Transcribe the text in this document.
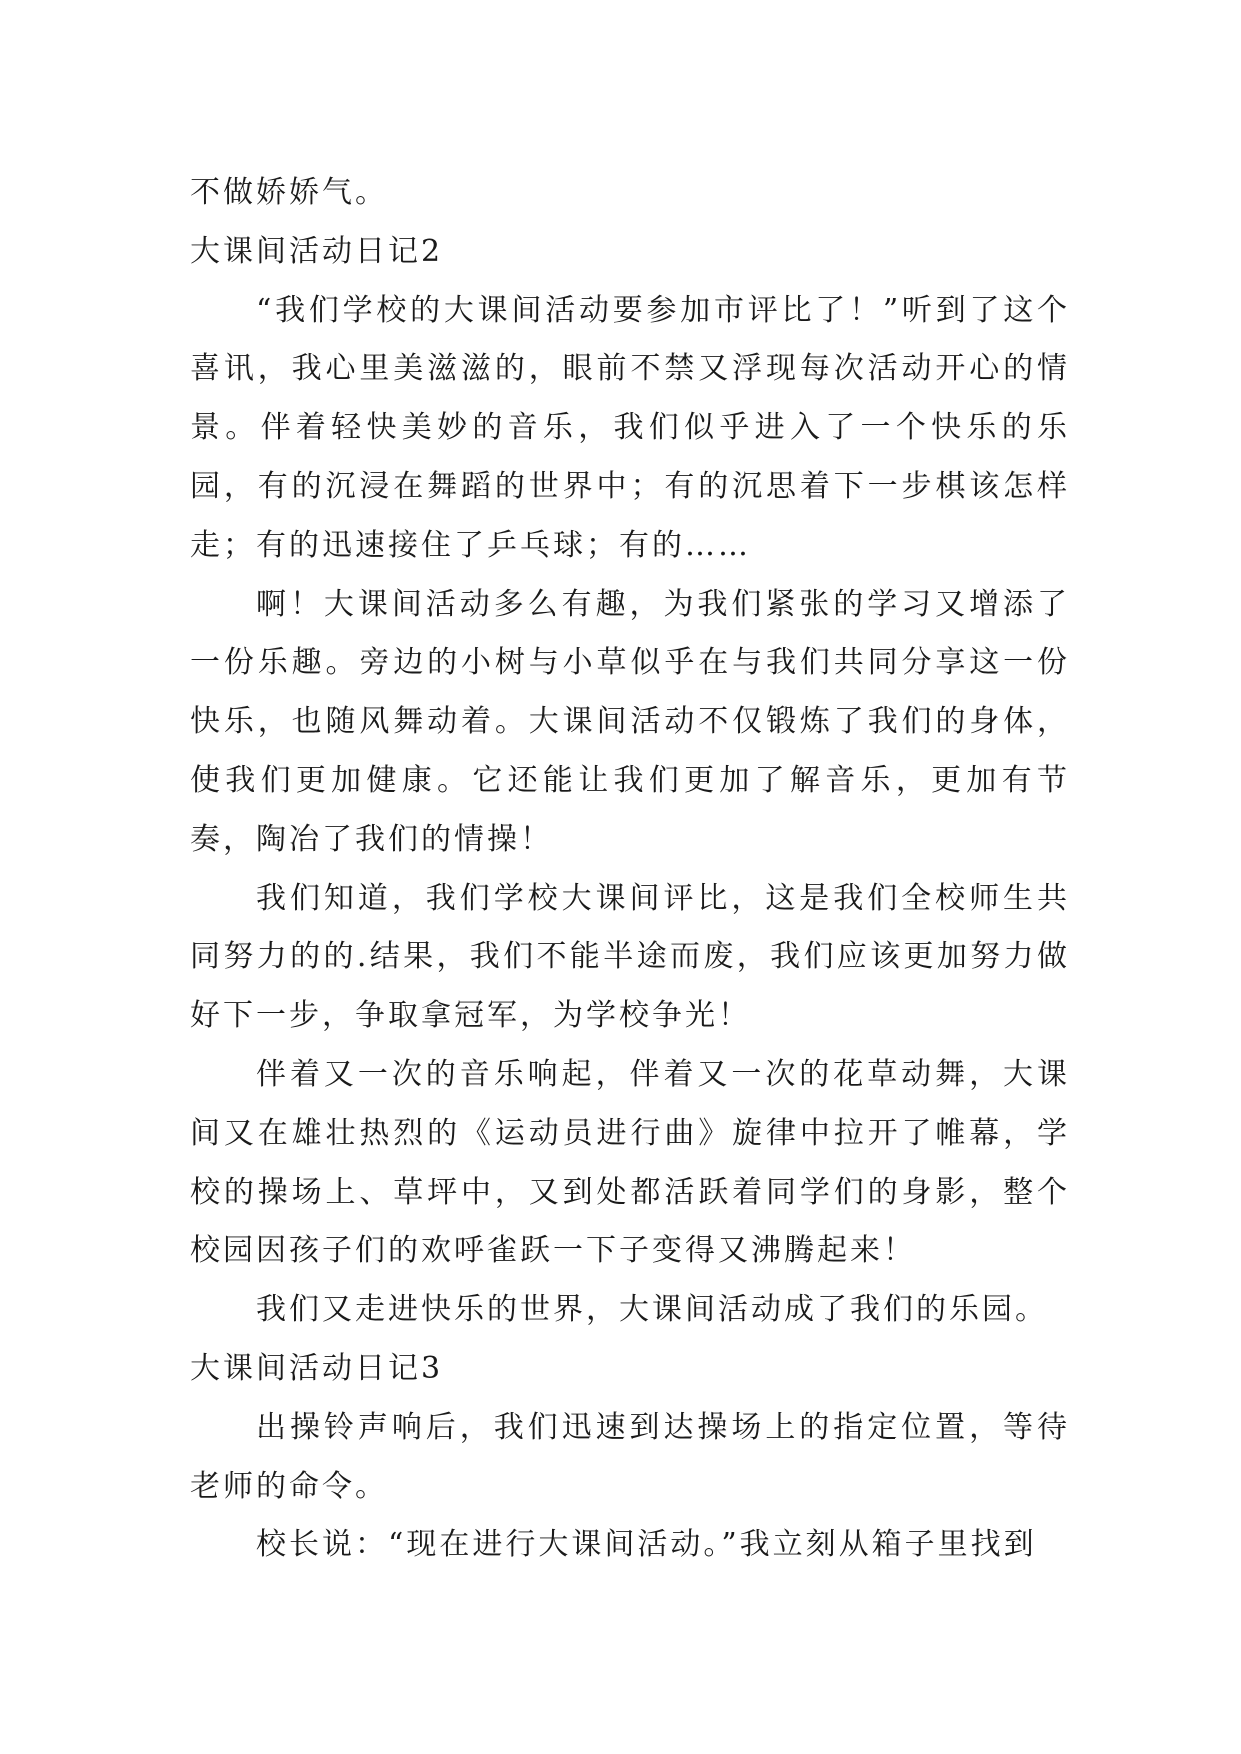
不做娇娇气。

大课间活动日记2

“我们学校的大课间活动要参加市评比了！”听到了这个喜讯，我心里美滋滋的，眼前不禁又浮现每次活动开心的情景。伴着轻快美妙的音乐，我们似乎进入了一个快乐的乐园，有的沉浸在舞蹈的世界中；有的沉思着下一步棋该怎样走；有的迅速接住了乒乓球；有的……

啊！大课间活动多么有趣，为我们紧张的学习又增添了一份乐趣。旁边的小树与小草似乎在与我们共同分享这一份快乐，也随风舞动着。大课间活动不仅锻炼了我们的身体，使我们更加健康。它还能让我们更加了解音乐，更加有节奏，陶冶了我们的情操！

我们知道，我们学校大课间评比，这是我们全校师生共同努力的的.结果，我们不能半途而废，我们应该更加努力做好下一步，争取拿冠军，为学校争光！

伴着又一次的音乐响起，伴着又一次的花草动舞，大课间又在雄壮热烈的《运动员进行曲》旋律中拉开了帷幕，学校的操场上、草坪中，又到处都活跃着同学们的身影，整个校园因孩子们的欢呼雀跃一下子变得又沸腾起来！

我们又走进快乐的世界，大课间活动成了我们的乐园。

大课间活动日记3

出操铃声响后，我们迅速到达操场上的指定位置，等待老师的命令。

校长说：“现在进行大课间活动。”我立刻从箱子里找到
